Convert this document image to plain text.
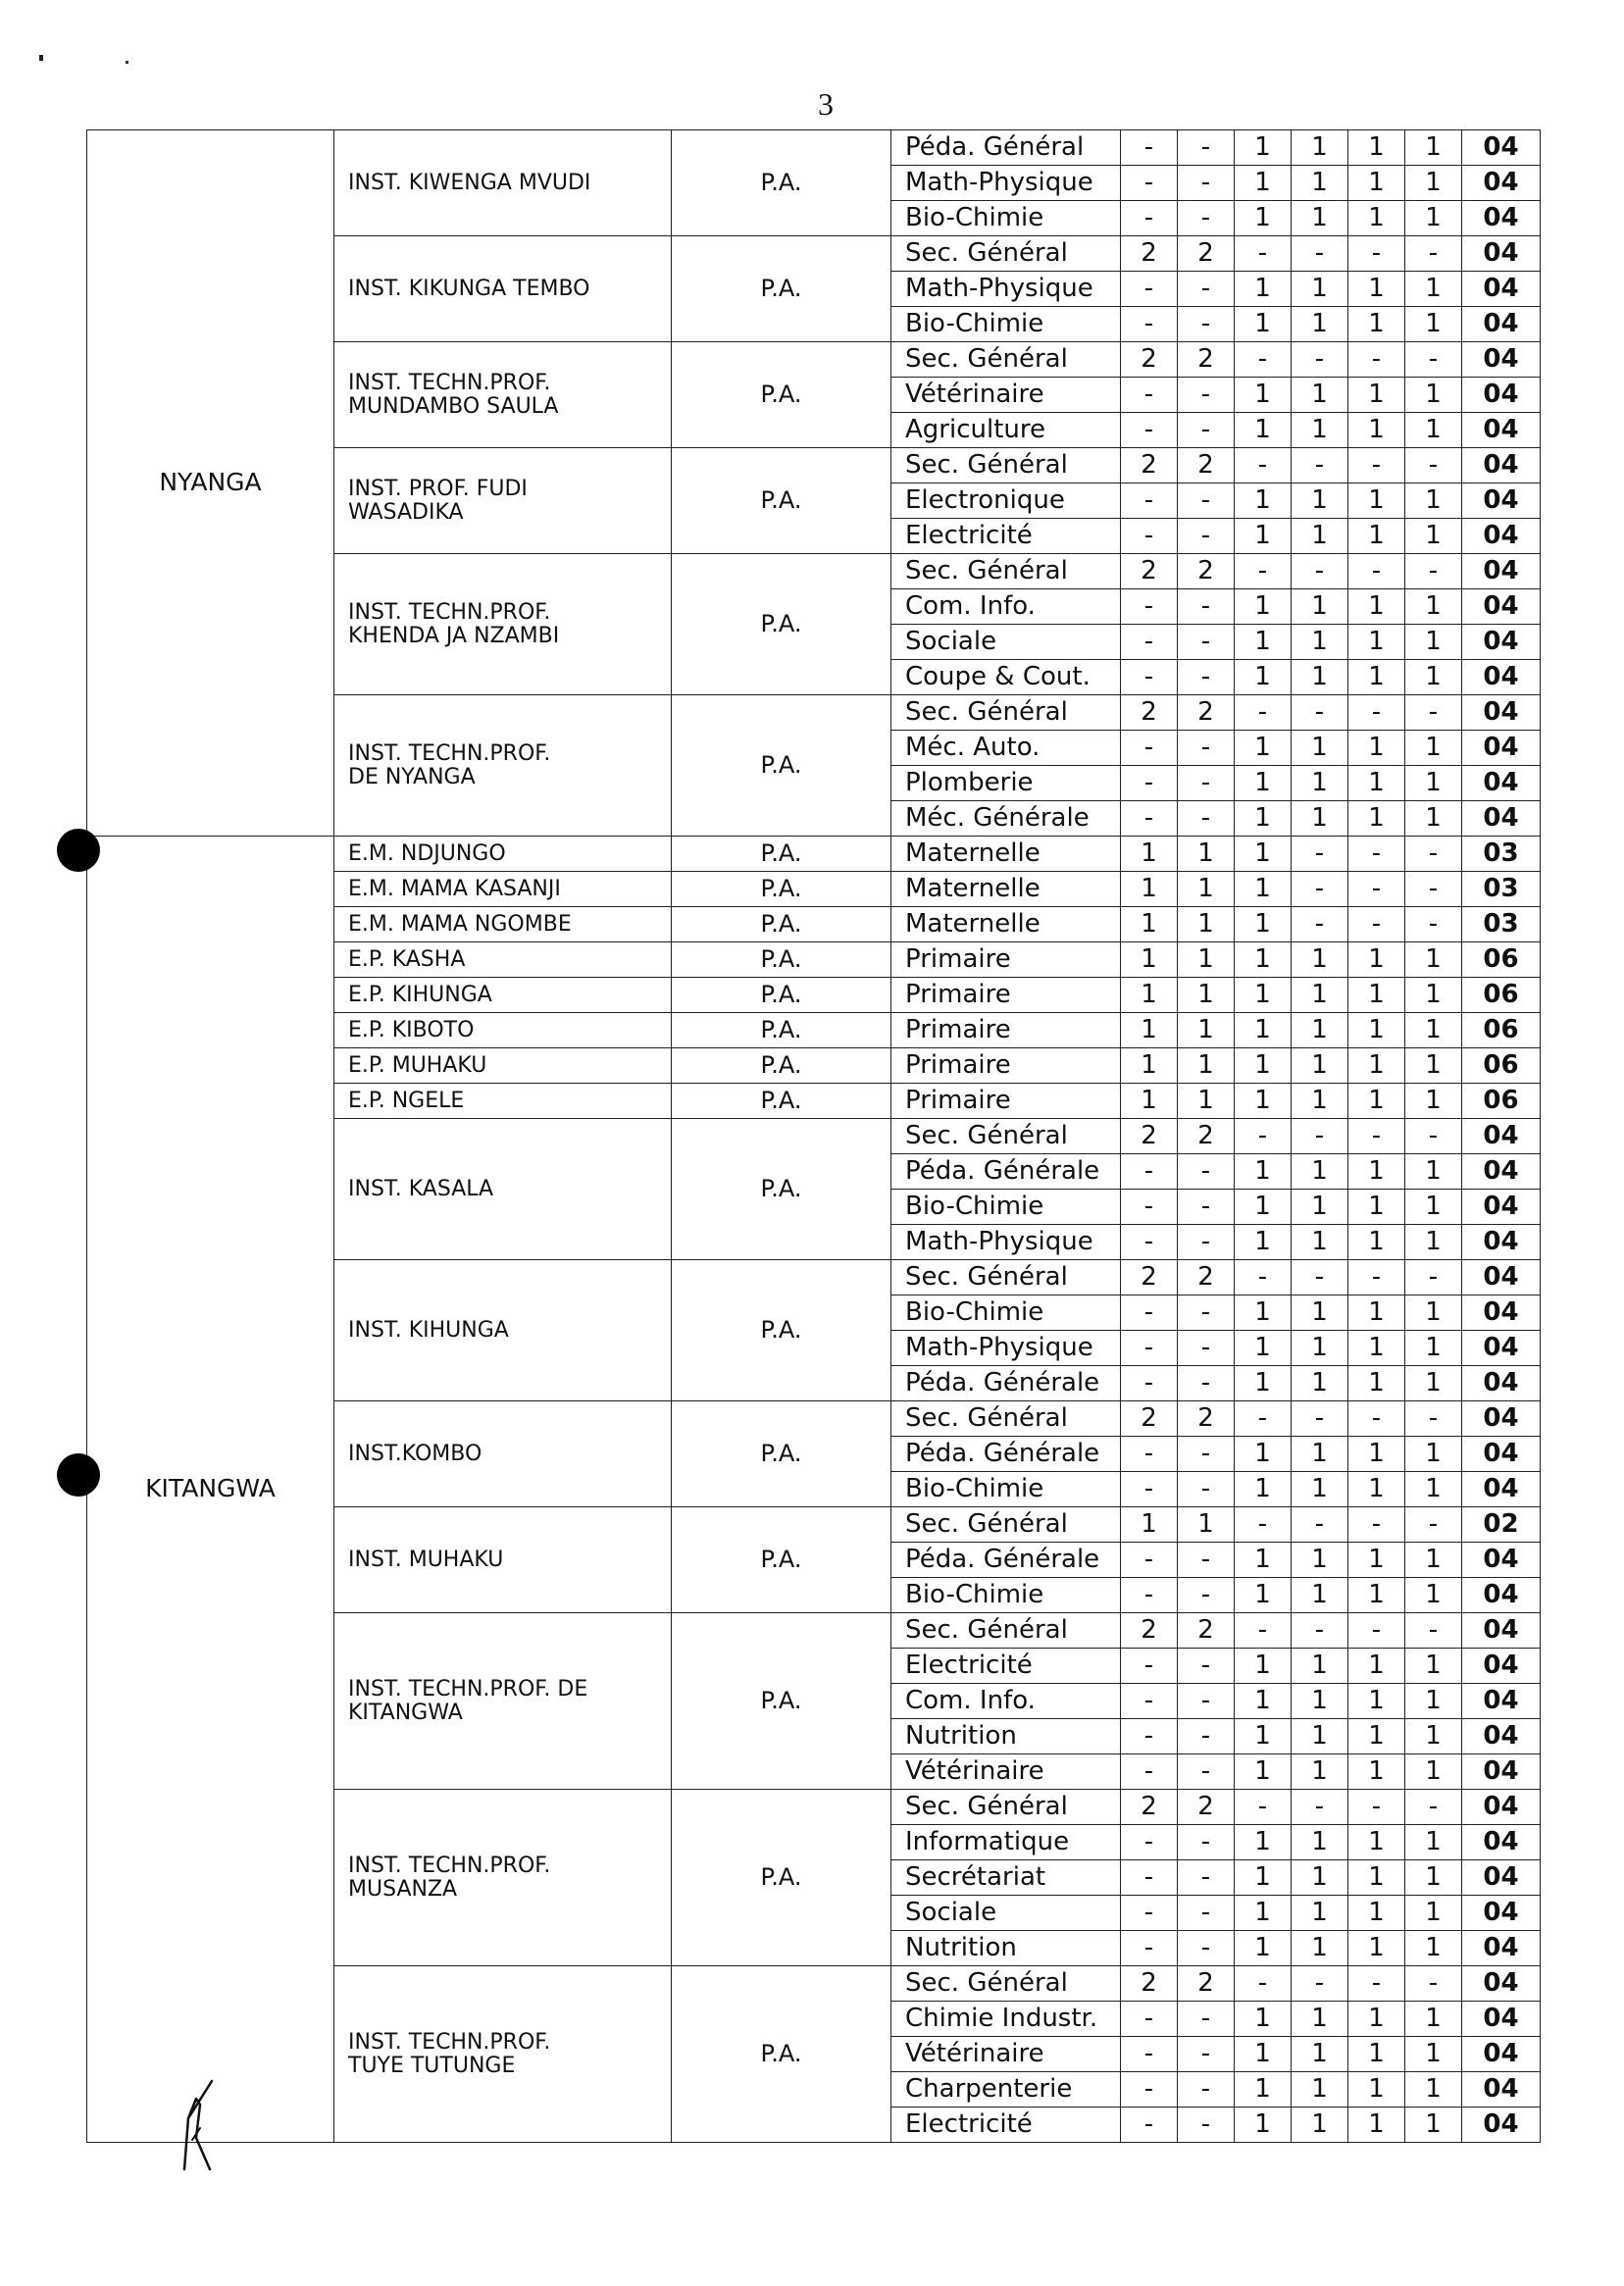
3
NYANGA	INST. KIWENGA MVUDI	P.A.	Péda. Général	-	-	1	1	1	1	04
			Math-Physique	-	-	1	1	1	1	04
			Bio-Chimie	-	-	1	1	1	1	04

	INST. KIKUNGA TEMBO	P.A.	Sec. Général	2	2	-	-	-	-	04
			Math-Physique	-	-	1	1	1	1	04
			Bio-Chimie	-	-	1	1	1	1	04

	INST. TECHN.PROF.
MUNDAMBO SAULA	P.A.	Sec. Général	2	2	-	-	-	-	04
			Vétérinaire	-	-	1	1	1	1	04
			Agriculture	-	-	1	1	1	1	04

	INST. PROF. FUDI
WASADIKA	P.A.	Sec. Général	2	2	-	-	-	-	04
			Electronique	-	-	1	1	1	1	04
			Electricité	-	-	1	1	1	1	04

	INST. TECHN.PROF.
KHENDA JA NZAMBI	P.A.	Sec. Général	2	2	-	-	-	-	04
			Com. Info.	-	-	1	1	1	1	04
			Sociale	-	-	1	1	1	1	04
			Coupe & Cout.	-	-	1	1	1	1	04

	INST. TECHN.PROF.
DE NYANGA	P.A.	Sec. Général	2	2	-	-	-	-	04
			Méc. Auto.	-	-	1	1	1	1	04
			Plomberie	-	-	1	1	1	1	04
			Méc. Générale	-	-	1	1	1	1	04
KITANGWA	E.M. NDJUNGO	P.A.	Maternelle	1	1	1	-	-	-	03

	E.M. MAMA KASANJI	P.A.	Maternelle	1	1	1	-	-	-	03

	E.M. MAMA NGOMBE	P.A.	Maternelle	1	1	1	-	-	-	03

	E.P. KASHA	P.A.	Primaire	1	1	1	1	1	1	06

	E.P. KIHUNGA	P.A.	Primaire	1	1	1	1	1	1	06

	E.P. KIBOTO	P.A.	Primaire	1	1	1	1	1	1	06

	E.P. MUHAKU	P.A.	Primaire	1	1	1	1	1	1	06

	E.P. NGELE	P.A.	Primaire	1	1	1	1	1	1	06

	INST. KASALA	P.A.	Sec. Général	2	2	-	-	-	-	04
			Péda. Générale	-	-	1	1	1	1	04
			Bio-Chimie	-	-	1	1	1	1	04
			Math-Physique	-	-	1	1	1	1	04

	INST. KIHUNGA	P.A.	Sec. Général	2	2	-	-	-	-	04
			Bio-Chimie	-	-	1	1	1	1	04
			Math-Physique	-	-	1	1	1	1	04
			Péda. Générale	-	-	1	1	1	1	04

	INST.KOMBO	P.A.	Sec. Général	2	2	-	-	-	-	04
			Péda. Générale	-	-	1	1	1	1	04
			Bio-Chimie	-	-	1	1	1	1	04

	INST. MUHAKU	P.A.	Sec. Général	1	1	-	-	-	-	02
			Péda. Générale	-	-	1	1	1	1	04
			Bio-Chimie	-	-	1	1	1	1	04

	INST. TECHN.PROF. DE
KITANGWA	P.A.	Sec. Général	2	2	-	-	-	-	04
			Electricité	-	-	1	1	1	1	04
			Com. Info.	-	-	1	1	1	1	04
			Nutrition	-	-	1	1	1	1	04
			Vétérinaire	-	-	1	1	1	1	04

	INST. TECHN.PROF.
MUSANZA	P.A.	Sec. Général	2	2	-	-	-	-	04
			Informatique	-	-	1	1	1	1	04
			Secrétariat	-	-	1	1	1	1	04
			Sociale	-	-	1	1	1	1	04
			Nutrition	-	-	1	1	1	1	04

	INST. TECHN.PROF.
TUYE TUTUNGE	P.A.	Sec. Général	2	2	-	-	-	-	04
			Chimie Industr.	-	-	1	1	1	1	04
			Vétérinaire	-	-	1	1	1	1	04
			Charpenterie	-	-	1	1	1	1	04
			Electricité	-	-	1	1	1	1	04
